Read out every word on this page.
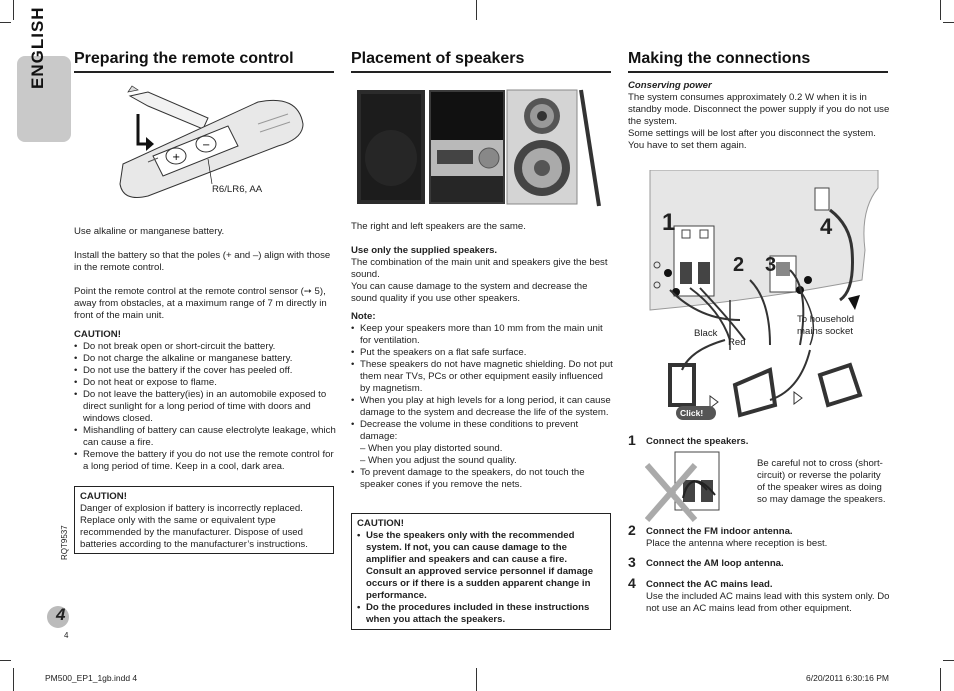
ENGLISH
RQT9537
4
4
Preparing the remote control
+
−
R6/LR6, AA

Use alkaline or manganese battery.

Install the battery so that the poles (+ and –) align with those in the remote control.

Point the remote control at the remote control sensor (➙ 5), away from obstacles, at a maximum range of 7 m directly in front of the main unit.

CAUTION!

• Do not break open or short-circuit the battery.
• Do not charge the alkaline or manganese battery.
• Do not use the battery if the cover has peeled off.
• Do not heat or expose to flame.
• Do not leave the battery(ies) in an automobile exposed to direct sunlight for a long period of time with doors and windows closed.
• Mishandling of battery can cause electrolyte leakage, which can cause a fire.
• Remove the battery if you do not use the remote control for a long period of time. Keep in a cool, dark area.

CAUTION!

Danger of explosion if battery is incorrectly replaced. Replace only with the same or equivalent type recommended by the manufacturer. Dispose of used batteries according to the manufacturer’s instructions.

Placement of speakers

The right and left speakers are the same.

Use only the supplied speakers.

The combination of the main unit and speakers give the best sound.

You can cause damage to the system and decrease the sound quality if you use other speakers.

Note:

• Keep your speakers more than 10 mm from the main unit for ventilation.
• Put the speakers on a flat safe surface.
• These speakers do not have magnetic shielding. Do not put them near TVs, PCs or other equipment easily influenced by magnetism.
• When you play at high levels for a long period, it can cause damage to the system and decrease the life of the system.
• Decrease the volume in these conditions to prevent damage:
– When you play distorted sound.
– When you adjust the sound quality.
• To prevent damage to the speakers, do not touch the speaker cones if you remove the nets.

CAUTION!

• Use the speakers only with the recommended system. If not, you can cause damage to the amplifier and speakers and can cause a fire. Consult an approved service personnel if damage occurs or if there is a sudden apparent change in performance.
• Do the procedures included in these instructions when you attach the speakers.
Making the connections

Conserving power

The system consumes approximately 0.2 W when it is in standby mode. Disconnect the power supply if you do not use the system.

Some settings will be lost after you disconnect the system. You have to set them again.

1
2 3
4
Black
Red
To household mains socket
Click!
1 Connect the speakers.

Be careful not to cross (short-circuit) or reverse the polarity of the speaker wires as doing so may damage the speakers.
2 Connect the FM indoor antenna.

Place the antenna where reception is best.

3 Connect the AM loop antenna.

4 Connect the AC mains lead.

Use the included AC mains lead with this system only. Do not use an AC mains lead from other equipment.

PM500_EP1_1gb.indd 4	6/20/2011 6:30:16 PM
